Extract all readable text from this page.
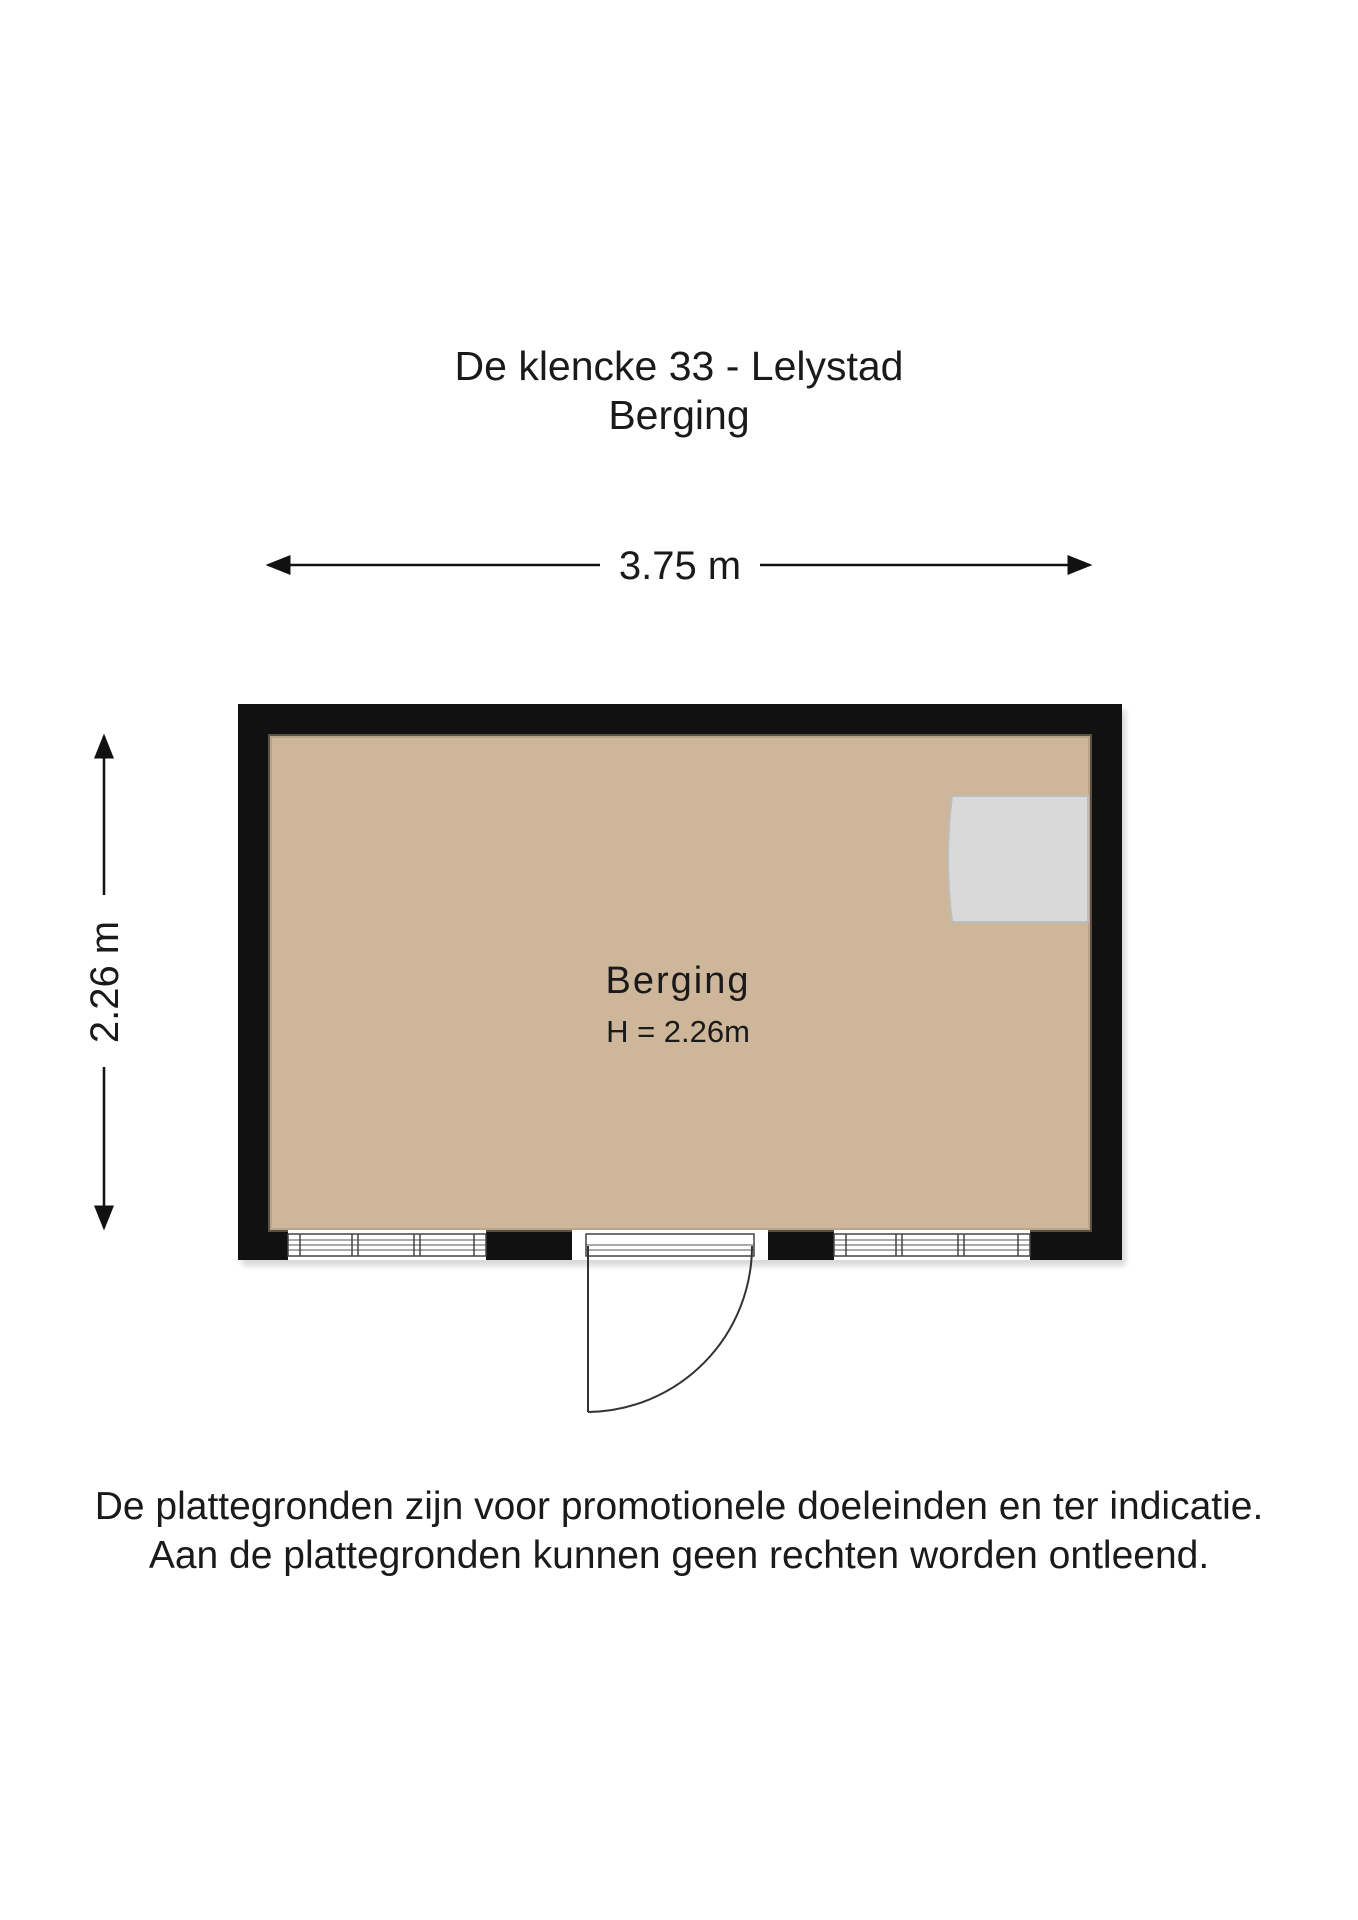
De klencke 33 - Lelystad
Berging
3.75 m
2.26 m	Berging
H = 2.26m
De plattegronden zijn voor promotionele doeleinden en ter indicatie.
Aan de plattegronden kunnen geen rechten worden ontleend.
